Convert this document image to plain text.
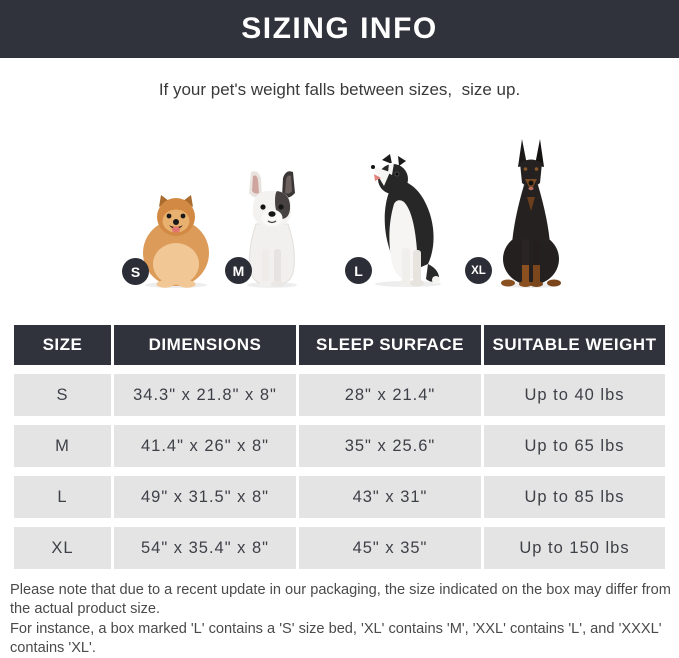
SIZING INFO

If your pet's weight falls between sizes,  size up.

S	M	L	XL
SIZE	DIMENSIONS	SLEEP SURFACE	SUITABLE WEIGHT
S	34.3" x 21.8" x 8"	28" x 21.4"	Up to 40 lbs
M	41.4" x 26" x 8"	35" x 25.6"	Up to 65 lbs
L	49" x 31.5" x 8"	43" x 31"	Up to 85 lbs
XL	54" x 35.4" x 8"	45" x 35"	Up to 150 lbs

Please note that due to a recent update in our packaging, the size indicated on the box may differ from the actual product size.

For instance, a box marked 'L' contains a 'S' size bed, 'XL' contains 'M', 'XXL' contains 'L', and 'XXXL' contains 'XL'.
